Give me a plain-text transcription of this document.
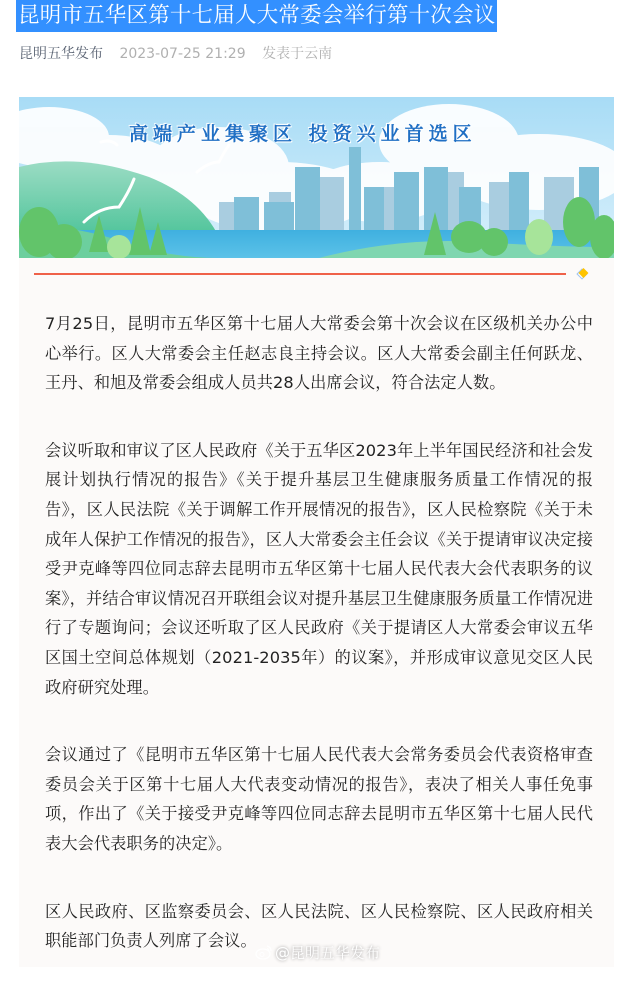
昆明市五华区第十七届人大常委会举行第十次会议
昆明五华发布 2023-07-25 21:29 发表于云南
高端产业集聚区 投资兴业首选区

7月25日，昆明市五华区第十七届人大常委会第十次会议在区级机关办公中心举行。区人大常委会主任赵志良主持会议。区人大常委会副主任何跃龙、王丹、和旭及常委会组成人员共28人出席会议，符合法定人数。

会议听取和审议了区人民政府《关于五华区2023年上半年国民经济和社会发展计划执行情况的报告》《关于提升基层卫生健康服务质量工作情况的报告》，区人民法院《关于调解工作开展情况的报告》，区人民检察院《关于未成年人保护工作情况的报告》，区人大常委会主任会议《关于提请审议决定接受尹克峰等四位同志辞去昆明市五华区第十七届人民代表大会代表职务的议案》，并结合审议情况召开联组会议对提升基层卫生健康服务质量工作情况进行了专题询问；会议还听取了区人民政府《关于提请区人大常委会审议五华区国土空间总体规划（2021-2035年）的议案》，并形成审议意见交区人民政府研究处理。

会议通过了《昆明市五华区第十七届人民代表大会常务委员会代表资格审查委员会关于区第十七届人大代表变动情况的报告》，表决了相关人事任免事项，作出了《关于接受尹克峰等四位同志辞去昆明市五华区第十七届人民代表大会代表职务的决定》。

区人民政府、区监察委员会、区人民法院、区人民检察院、区人民政府相关职能部门负责人列席了会议。

@昆明五华发布
